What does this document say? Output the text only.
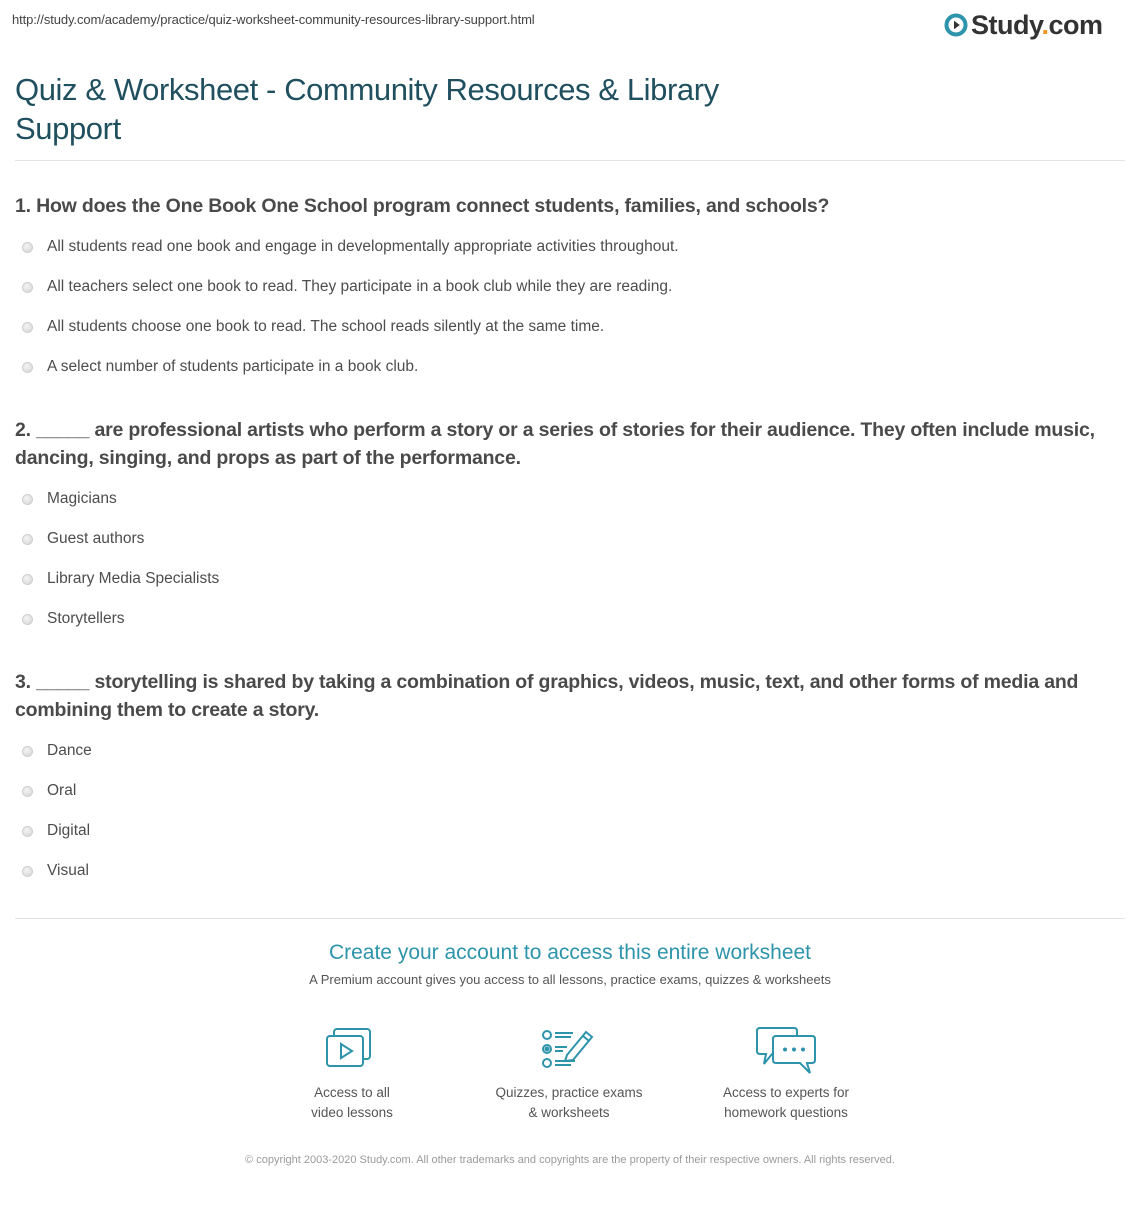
http://study.com/academy/practice/quiz-worksheet-community-resources-library-support.html	Study.com
Quiz & Worksheet - Community Resources & Library Support
1. How does the One Book One School program connect students, families, and schools?
All students read one book and engage in developmentally appropriate activities throughout.
All teachers select one book to read. They participate in a book club while they are reading.
All students choose one book to read. The school reads silently at the same time.
A select number of students participate in a book club.
2. _____ are professional artists who perform a story or a series of stories for their audience. They often include music, dancing, singing, and props as part of the performance.
Magicians
Guest authors
Library Media Specialists
Storytellers
3. _____ storytelling is shared by taking a combination of graphics, videos, music, text, and other forms of media and combining them to create a story.
Dance
Oral
Digital
Visual
Create your account to access this entire worksheet
A Premium account gives you access to all lessons, practice exams, quizzes & worksheets
Access to all
video lessons
Quizzes, practice exams
& worksheets
Access to experts for
homework questions
© copyright 2003-2020 Study.com. All other trademarks and copyrights are the property of their respective owners. All rights reserved.
